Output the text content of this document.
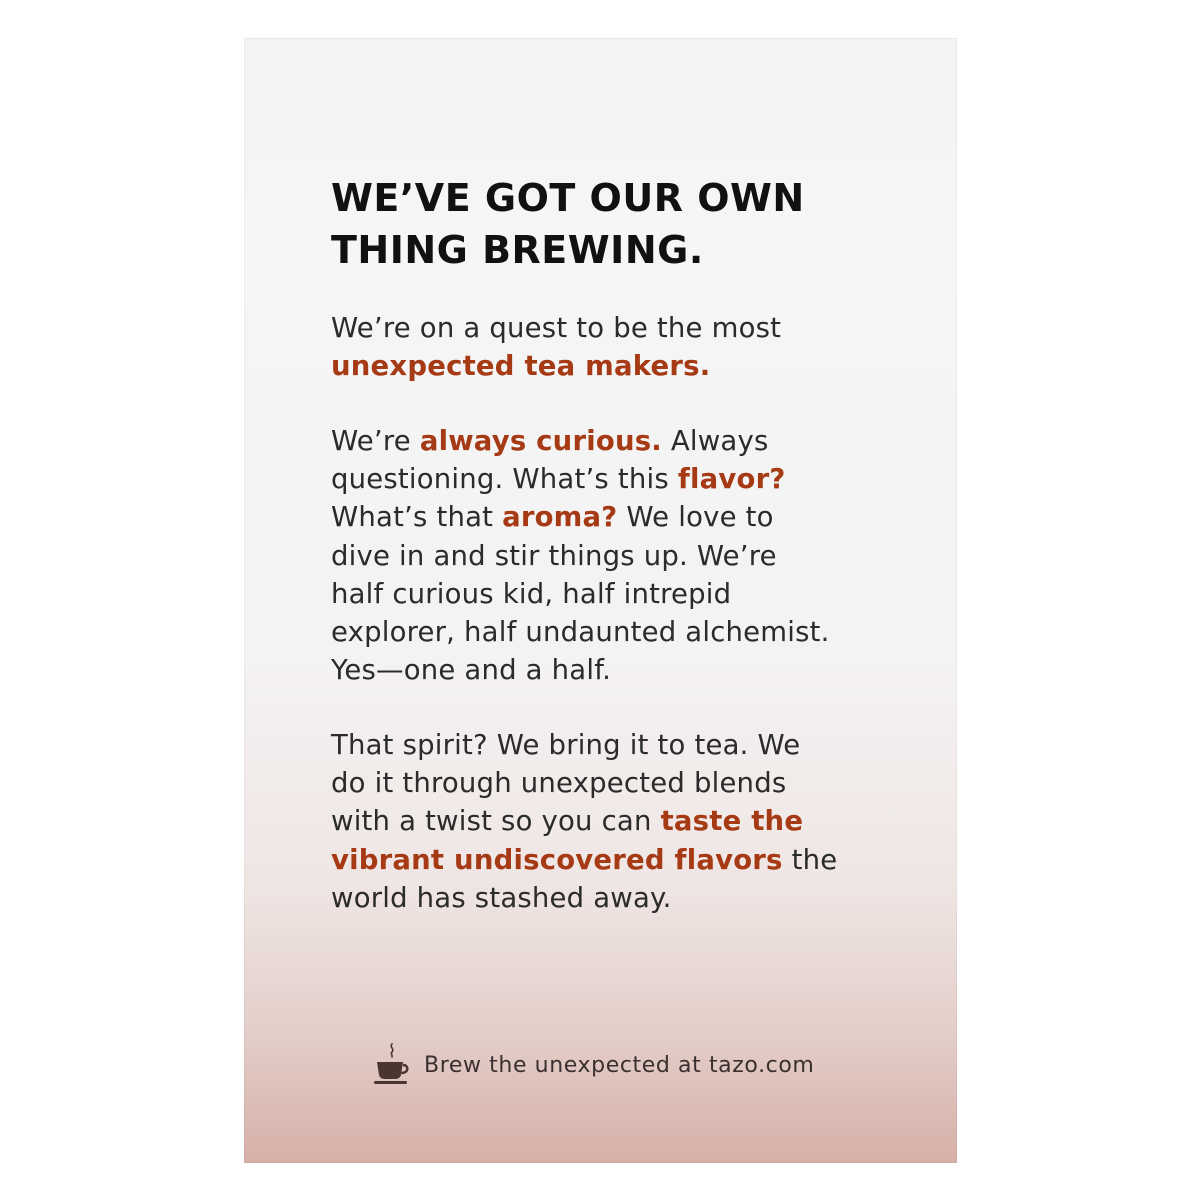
WE’VE GOT OUR OWN
THING BREWING.

We’re on a quest to be the most
unexpected tea makers.

We’re always curious. Always
questioning. What’s this flavor?
What’s that aroma? We love to
dive in and stir things up. We’re
half curious kid, half intrepid
explorer, half undaunted alchemist.
Yes—one and a half.

That spirit? We bring it to tea. We
do it through unexpected blends
with a twist so you can taste the
vibrant undiscovered flavors the
world has stashed away.

Brew the unexpected at tazo.com
